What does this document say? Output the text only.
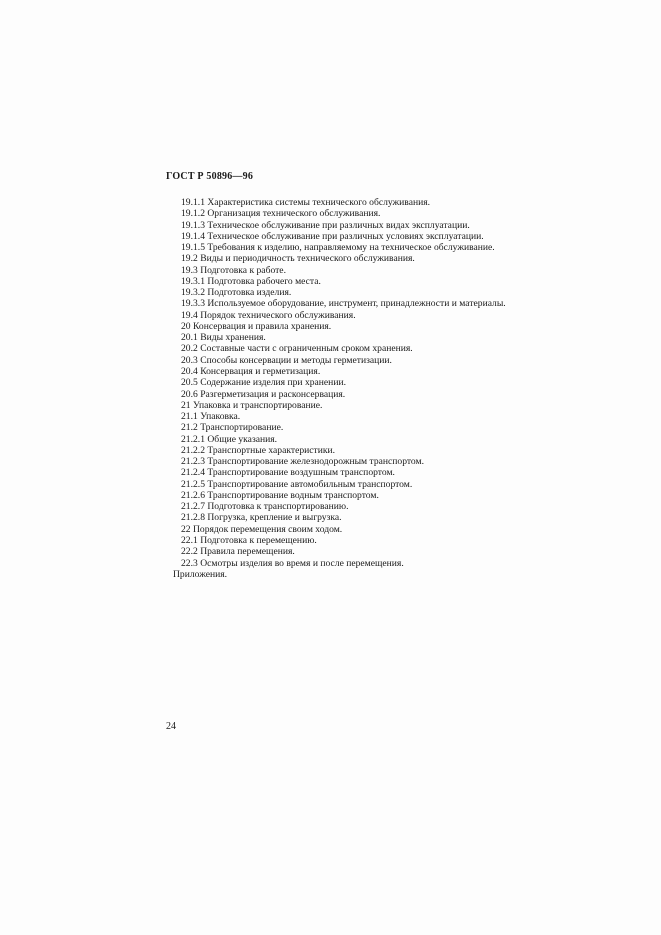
ГОСТ Р 50896—96
19.1.1 Характеристика системы технического обслуживания.
19.1.2 Организация технического обслуживания.
19.1.3 Техническое обслуживание при различных видах эксплуатации.
19.1.4 Техническое обслуживание при различных условиях эксплуатации.
19.1.5 Требования к изделию, направляемому на техническое обслуживание.
19.2 Виды и периодичность технического обслуживания.
19.3 Подготовка к работе.
19.3.1 Подготовка рабочего места.
19.3.2 Подготовка изделия.
19.3.3 Используемое оборудование, инструмент, принадлежности и материалы.
19.4 Порядок технического обслуживания.
20 Консервация и правила хранения.
20.1 Виды хранения.
20.2 Составные части с ограниченным сроком хранения.
20.3 Способы консервации и методы герметизации.
20.4 Консервация и герметизация.
20.5 Содержание изделия при хранении.
20.6 Разгерметизация и расконсервация.
21 Упаковка и транспортирование.
21.1 Упаковка.
21.2 Транспортирование.
21.2.1 Общие указания.
21.2.2 Транспортные характеристики.
21.2.3 Транспортирование железнодорожным транспортом.
21.2.4 Транспортирование воздушным транспортом.
21.2.5 Транспортирование автомобильным транспортом.
21.2.6 Транспортирование водным транспортом.
21.2.7 Подготовка к транспортированию.
21.2.8 Погрузка, крепление и выгрузка.
22 Порядок перемещения своим ходом.
22.1 Подготовка к перемещению.
22.2 Правила перемещения.
22.3 Осмотры изделия во время и после перемещения.
Приложения.
24
